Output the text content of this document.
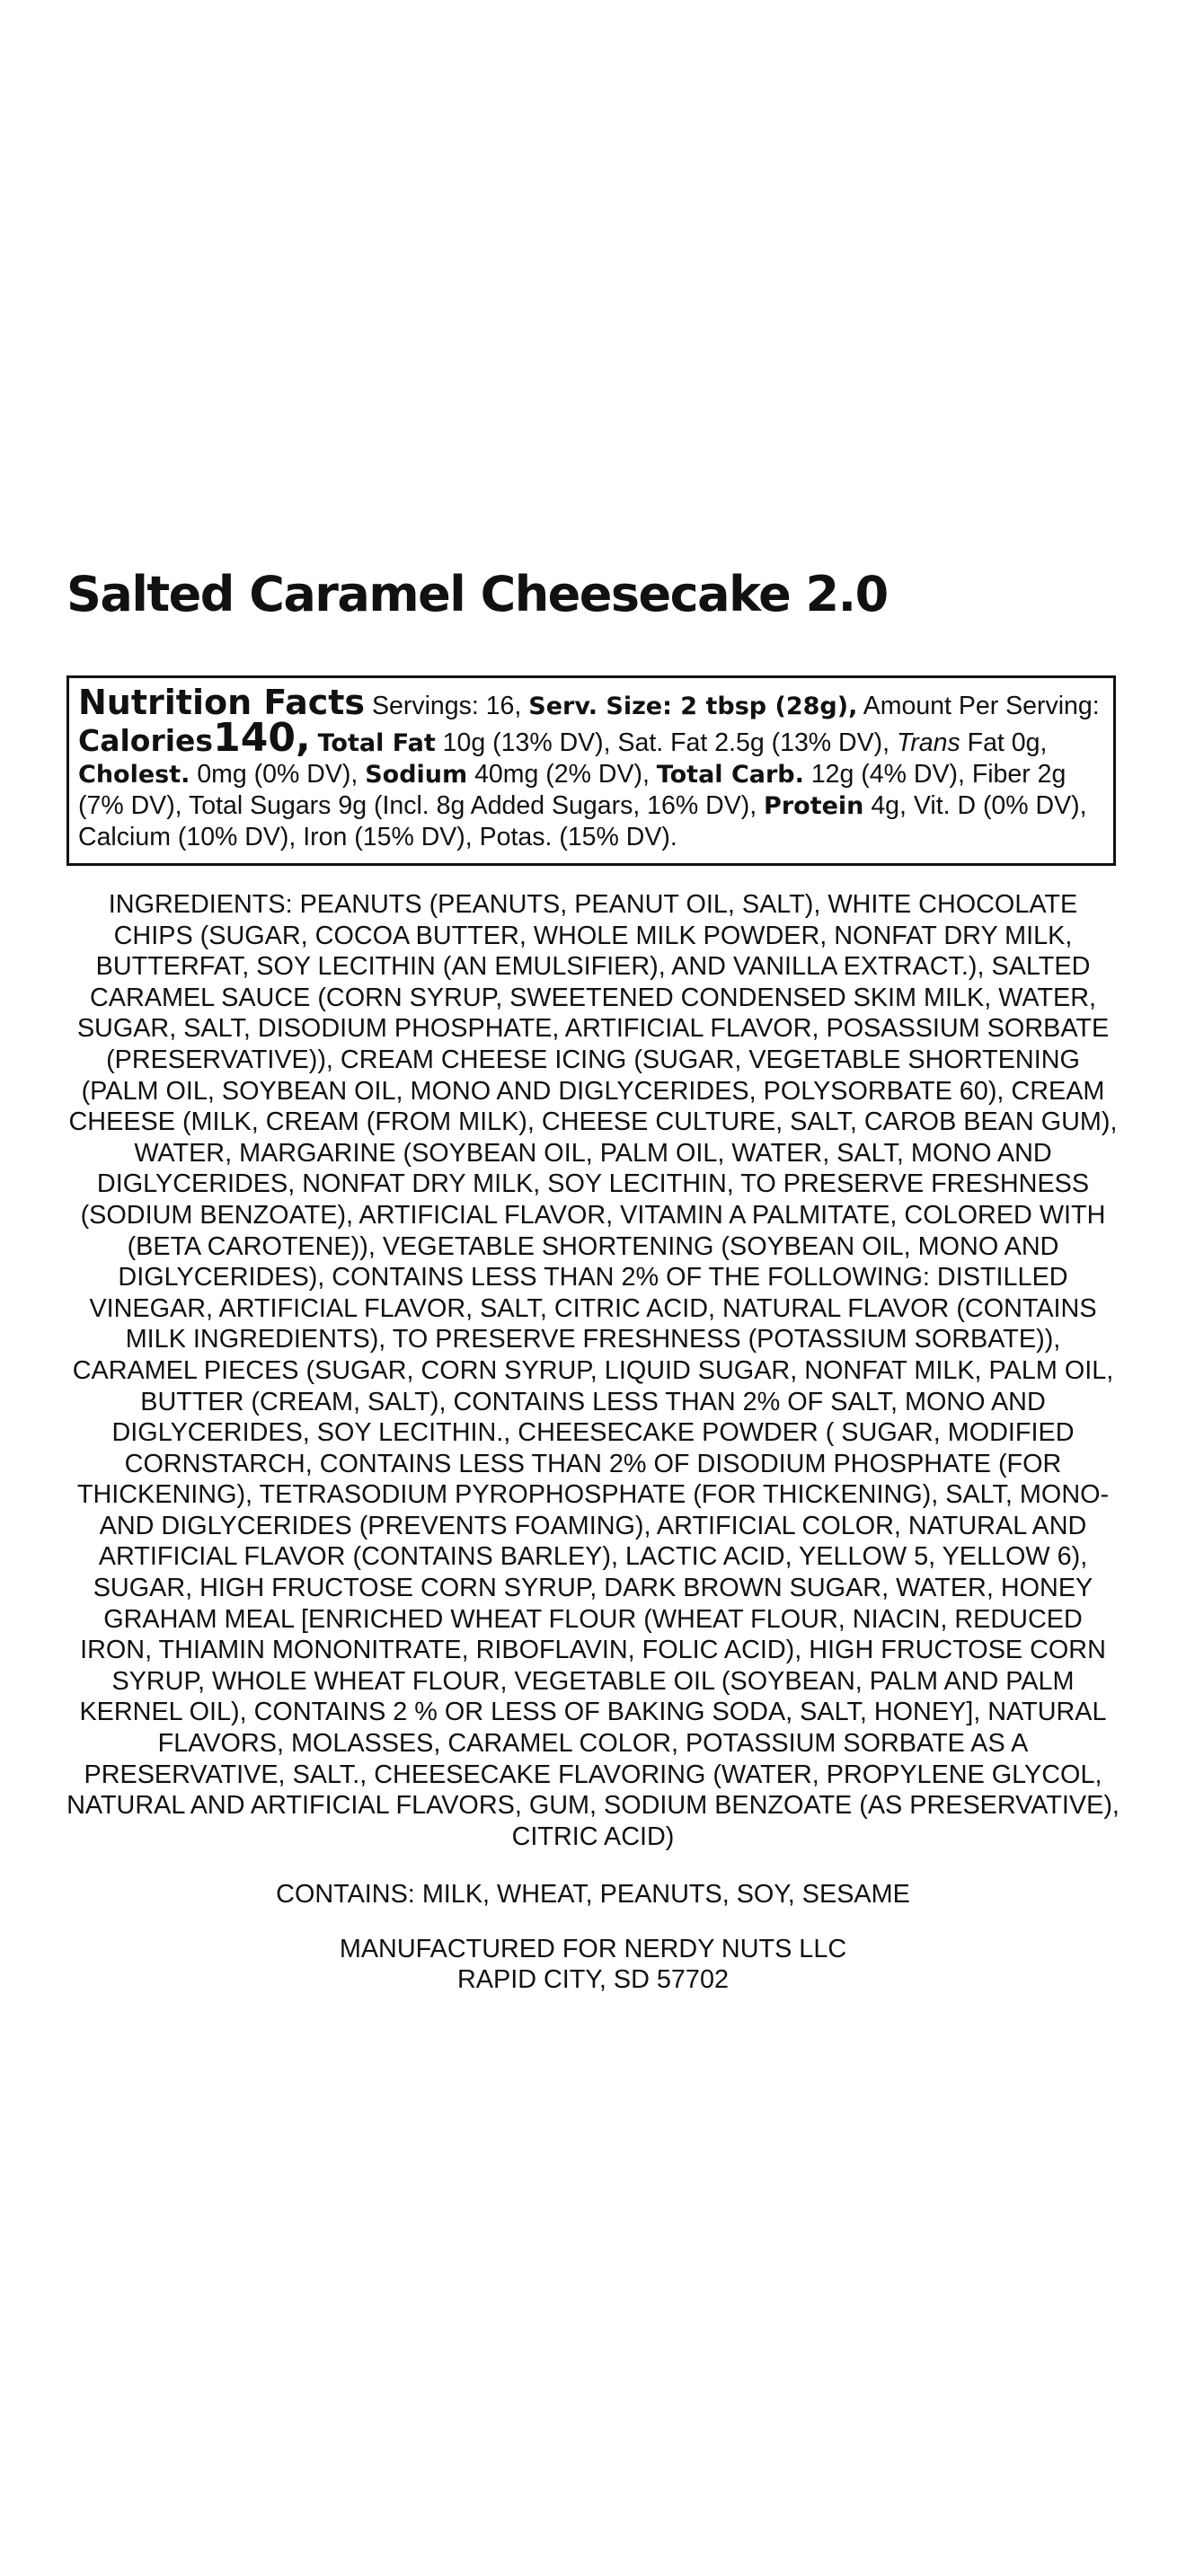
Salted Caramel Cheesecake 2.0
Nutrition Facts Servings: 16, Serv. Size: 2 tbsp (28g), Amount Per Serving: Calories140, Total Fat 10g (13% DV), Sat. Fat 2.5g (13% DV), Trans Fat 0g, Cholest. 0mg (0% DV), Sodium 40mg (2% DV), Total Carb. 12g (4% DV), Fiber 2g (7% DV), Total Sugars 9g (Incl. 8g Added Sugars, 16% DV), Protein 4g, Vit. D (0% DV), Calcium (10% DV), Iron (15% DV), Potas. (15% DV).

INGREDIENTS: PEANUTS (PEANUTS, PEANUT OIL, SALT), WHITE CHOCOLATE CHIPS (SUGAR, COCOA BUTTER, WHOLE MILK POWDER, NONFAT DRY MILK, BUTTERFAT, SOY LECITHIN (AN EMULSIFIER), AND VANILLA EXTRACT.), SALTED CARAMEL SAUCE (CORN SYRUP, SWEETENED CONDENSED SKIM MILK, WATER, SUGAR, SALT, DISODIUM PHOSPHATE, ARTIFICIAL FLAVOR, POSASSIUM SORBATE (PRESERVATIVE)), CREAM CHEESE ICING (SUGAR, VEGETABLE SHORTENING (PALM OIL, SOYBEAN OIL, MONO AND DIGLYCERIDES, POLYSORBATE 60), CREAM CHEESE (MILK, CREAM (FROM MILK), CHEESE CULTURE, SALT, CAROB BEAN GUM), WATER, MARGARINE (SOYBEAN OIL, PALM OIL, WATER, SALT, MONO AND DIGLYCERIDES, NONFAT DRY MILK, SOY LECITHIN, TO PRESERVE FRESHNESS (SODIUM BENZOATE), ARTIFICIAL FLAVOR, VITAMIN A PALMITATE, COLORED WITH (BETA CAROTENE)), VEGETABLE SHORTENING (SOYBEAN OIL, MONO AND DIGLYCERIDES), CONTAINS LESS THAN 2% OF THE FOLLOWING: DISTILLED VINEGAR, ARTIFICIAL FLAVOR, SALT, CITRIC ACID, NATURAL FLAVOR (CONTAINS MILK INGREDIENTS), TO PRESERVE FRESHNESS (POTASSIUM SORBATE)), CARAMEL PIECES (SUGAR, CORN SYRUP, LIQUID SUGAR, NONFAT MILK, PALM OIL, BUTTER (CREAM, SALT), CONTAINS LESS THAN 2% OF SALT, MONO AND DIGLYCERIDES, SOY LECITHIN., CHEESECAKE POWDER ( SUGAR, MODIFIED CORNSTARCH, CONTAINS LESS THAN 2% OF DISODIUM PHOSPHATE (FOR THICKENING), TETRASODIUM PYROPHOSPHATE (FOR THICKENING), SALT, MONO- AND DIGLYCERIDES (PREVENTS FOAMING), ARTIFICIAL COLOR, NATURAL AND ARTIFICIAL FLAVOR (CONTAINS BARLEY), LACTIC ACID, YELLOW 5, YELLOW 6), SUGAR, HIGH FRUCTOSE CORN SYRUP, DARK BROWN SUGAR, WATER, HONEY GRAHAM MEAL [ENRICHED WHEAT FLOUR (WHEAT FLOUR, NIACIN, REDUCED IRON, THIAMIN MONONITRATE, RIBOFLAVIN, FOLIC ACID), HIGH FRUCTOSE CORN SYRUP, WHOLE WHEAT FLOUR, VEGETABLE OIL (SOYBEAN, PALM AND PALM KERNEL OIL), CONTAINS 2 % OR LESS OF BAKING SODA, SALT, HONEY], NATURAL FLAVORS, MOLASSES, CARAMEL COLOR, POTASSIUM SORBATE AS A PRESERVATIVE, SALT., CHEESECAKE FLAVORING (WATER, PROPYLENE GLYCOL, NATURAL AND ARTIFICIAL FLAVORS, GUM, SODIUM BENZOATE (AS PRESERVATIVE), CITRIC ACID)

CONTAINS: MILK, WHEAT, PEANUTS, SOY, SESAME

MANUFACTURED FOR NERDY NUTS LLC
RAPID CITY, SD 57702
